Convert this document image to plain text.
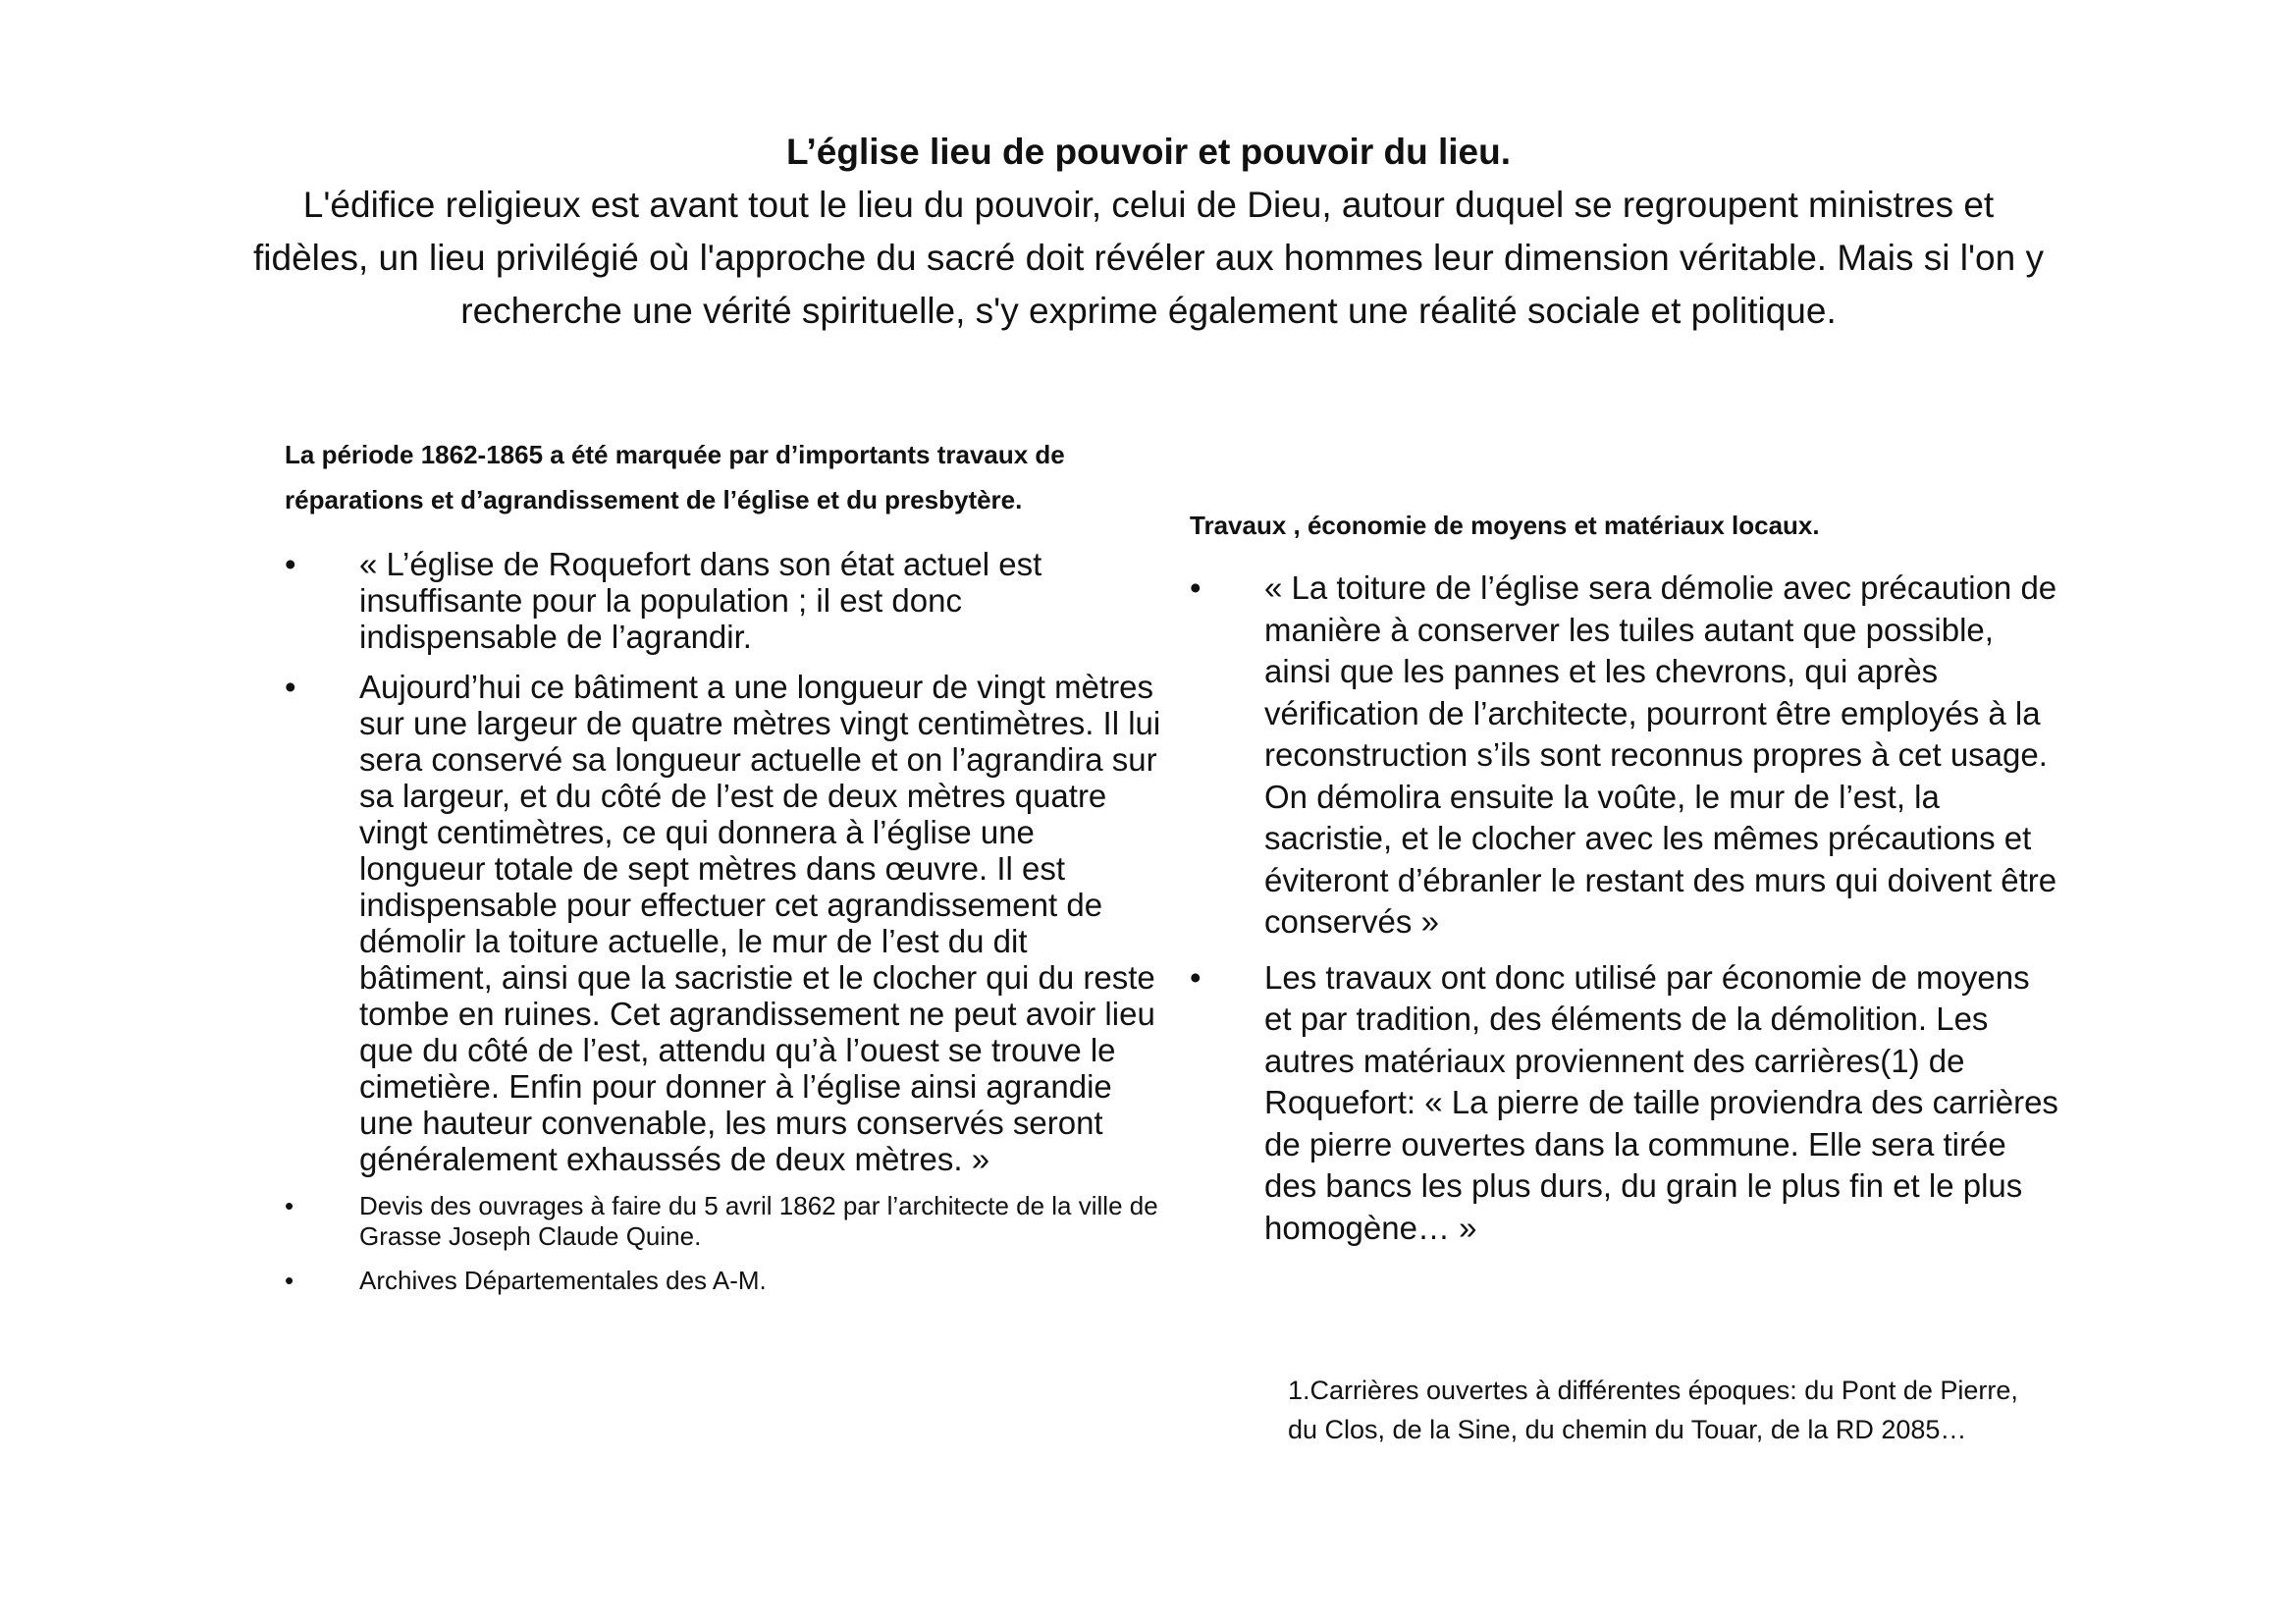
L’église lieu de pouvoir et pouvoir du lieu.

L'édifice religieux est avant tout le lieu du pouvoir, celui de Dieu, autour duquel se regroupent ministres et fidèles, un lieu privilégié où l'approche du sacré doit révéler aux hommes leur dimension véritable. Mais si l'on y recherche une vérité spirituelle, s'y exprime également une réalité sociale et politique.

La période 1862-1865 a été marquée par d’importants travaux de réparations et d’agrandissement de l’église et du presbytère.

• « L’église de Roquefort dans son état actuel est insuffisante pour la population ; il est donc indispensable de l’agrandir.
• Aujourd’hui ce bâtiment a une longueur de vingt mètres sur une largeur de quatre mètres vingt centimètres. Il lui sera conservé sa longueur actuelle et on l’agrandira sur sa largeur, et du côté de l’est de deux mètres quatre vingt centimètres, ce qui donnera à l’église une longueur totale de sept mètres dans œuvre. Il est indispensable pour effectuer cet agrandissement de démolir la toiture actuelle, le mur de l’est du dit bâtiment, ainsi que la sacristie et le clocher qui du reste tombe en ruines. Cet agrandissement ne peut avoir lieu que du côté de l’est, attendu qu’à l’ouest se trouve le cimetière. Enfin pour donner à l’église ainsi agrandie une hauteur convenable, les murs conservés seront généralement exhaussés de deux mètres. »
• Devis des ouvrages à faire du 5 avril 1862 par l’architecte de la ville de Grasse Joseph Claude Quine.
• Archives Départementales des A-M.

Travaux , économie de moyens et matériaux locaux.

• « La toiture de l’église sera démolie avec précaution de manière à conserver les tuiles autant que possible, ainsi que les pannes et les chevrons, qui après vérification de l’architecte, pourront être employés à la reconstruction s’ils sont reconnus propres à cet usage. On démolira ensuite la voûte, le mur de l’est, la sacristie, et le clocher avec les mêmes précautions et éviteront d’ébranler le restant des murs qui doivent être conservés »
• Les travaux ont donc utilisé par économie de moyens et par tradition, des éléments de la démolition. Les autres matériaux proviennent des carrières(1) de Roquefort: « La pierre de taille proviendra des carrières de pierre ouvertes dans la commune. Elle sera tirée des bancs les plus durs, du grain le plus fin et le plus homogène… »

1.Carrières ouvertes à différentes époques: du Pont de Pierre, du Clos, de la Sine, du chemin du Touar, de la RD 2085…
